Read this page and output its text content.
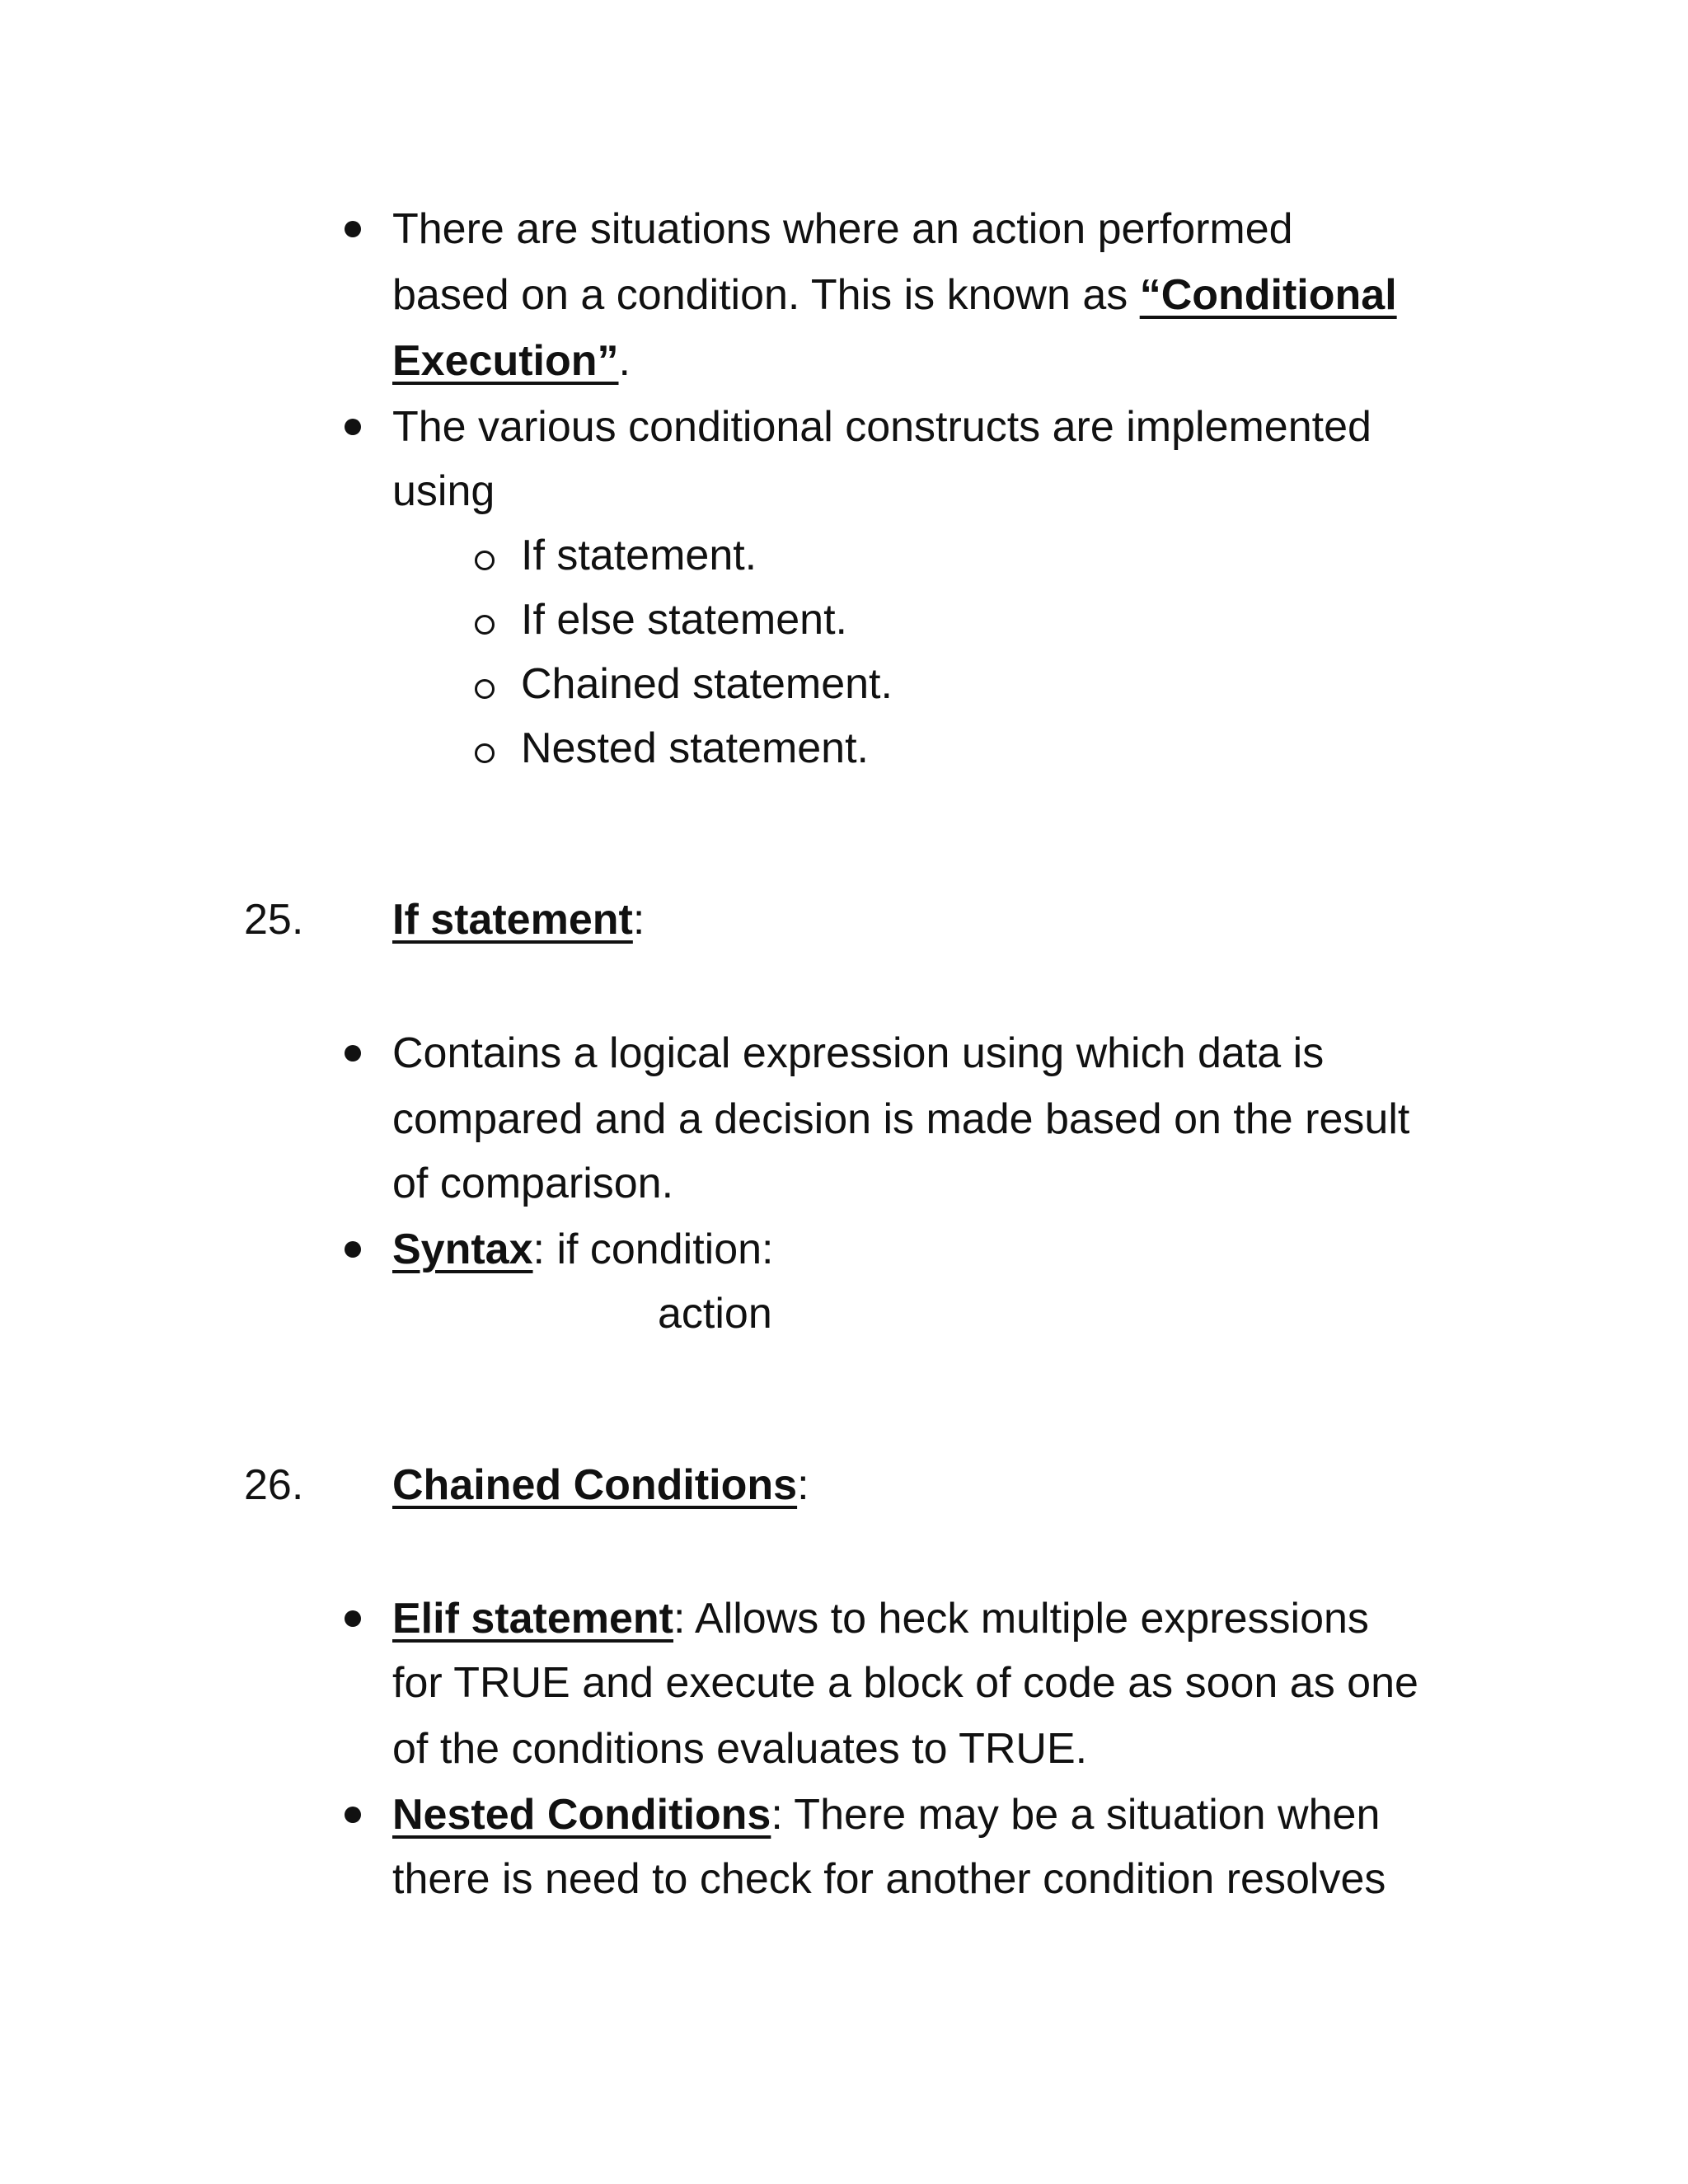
There are situations where an action performed
based on a condition. This is known as “Conditional
Execution”.
The various conditional constructs are implemented
using
If statement.
If else statement.
Chained statement.
Nested statement.
25. If statement:
Contains a logical expression using which data is
compared and a decision is made based on the result
of comparison.
Syntax: if condition:
action
26. Chained Conditions:
Elif statement: Allows to heck multiple expressions
for TRUE and execute a block of code as soon as one
of the conditions evaluates to TRUE.
Nested Conditions: There may be a situation when
there is need to check for another condition resolves
